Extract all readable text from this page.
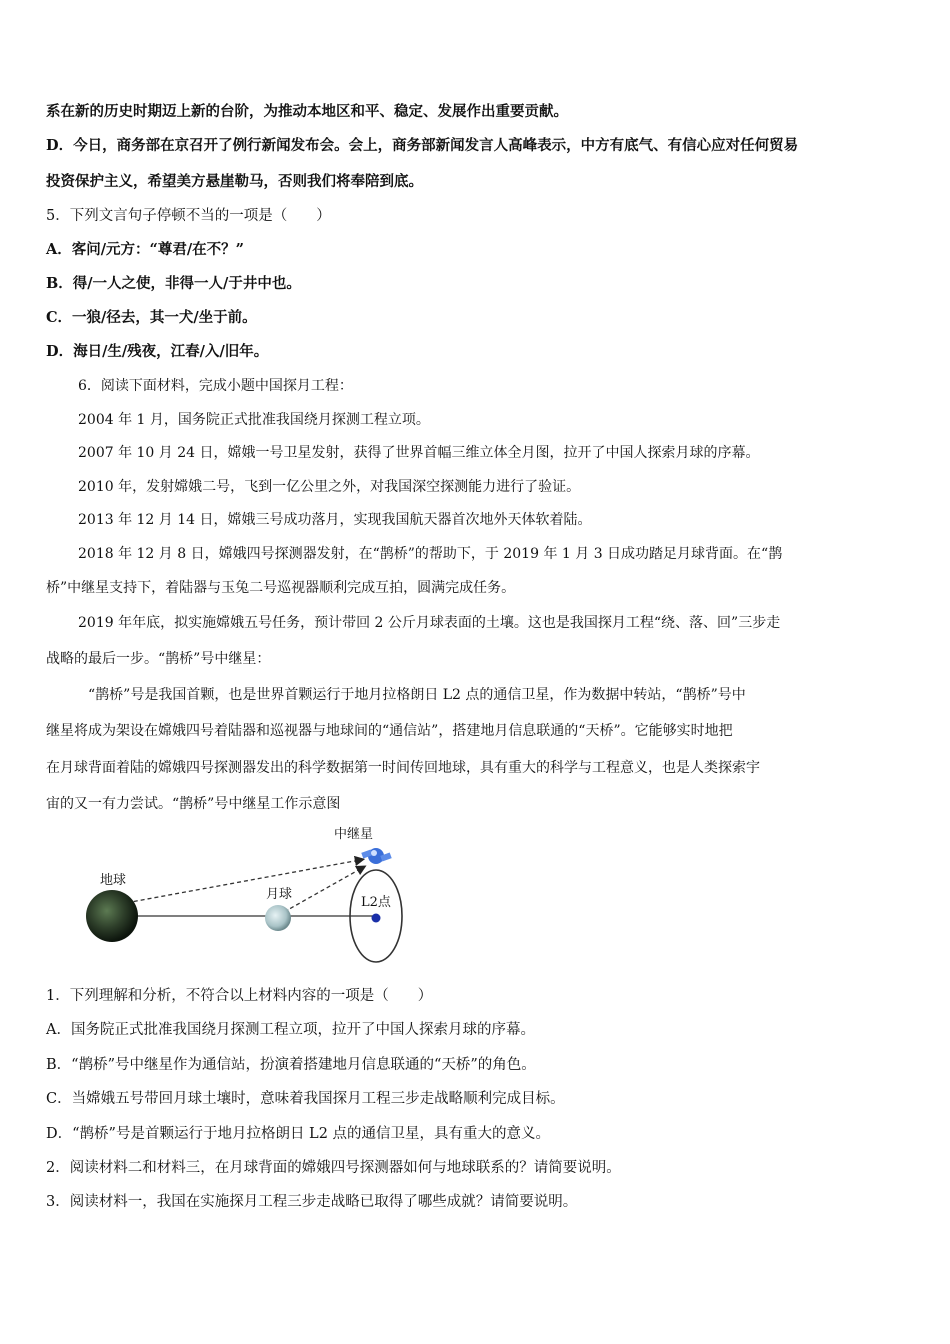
系在新的历史时期迈上新的台阶，为推动本地区和平、稳定、发展作出重要贡献。
D．今日，商务部在京召开了例行新闻发布会。会上，商务部新闻发言人高峰表示，中方有底气、有信心应对任何贸易
投资保护主义，希望美方悬崖勒马，否则我们将奉陪到底。
5．下列文言句子停顿不当的一项是（　　）
A．客问/元方：“尊君/在不？”
B．得/一人之使，非得一人/于井中也。
C．一狼/径去，其一犬/坐于前。
D．海日/生/残夜，江春/入/旧年。
6．阅读下面材料，完成小题中国探月工程：
2004 年 1 月，国务院正式批准我国绕月探测工程立项。
2007 年 10 月 24 日，嫦娥一号卫星发射，获得了世界首幅三维立体全月图，拉开了中国人探索月球的序幕。
2010 年，发射嫦娥二号，飞到一亿公里之外，对我国深空探测能力进行了验证。
2013 年 12 月 14 日，嫦娥三号成功落月，实现我国航天器首次地外天体软着陆。
2018 年 12 月 8 日，嫦娥四号探测器发射，在“鹊桥”的帮助下，于 2019 年 1 月 3 日成功踏足月球背面。在“鹊
桥”中继星支持下，着陆器与玉兔二号巡视器顺利完成互拍，圆满完成任务。
2019 年年底，拟实施嫦娥五号任务，预计带回 2 公斤月球表面的土壤。这也是我国探月工程“绕、落、回”三步走
战略的最后一步。“鹊桥”号中继星：
“鹊桥”号是我国首颗，也是世界首颗运行于地月拉格朗日 L2 点的通信卫星，作为数据中转站，“鹊桥”号中
继星将成为架设在嫦娥四号着陆器和巡视器与地球间的“通信站”，搭建地月信息联通的“天桥”。它能够实时地把
在月球背面着陆的嫦娥四号探测器发出的科学数据第一时间传回地球，具有重大的科学与工程意义，也是人类探索宇
宙的又一有力尝试。“鹊桥”号中继星工作示意图
地球
月球
L2点
中继星
1．下列理解和分析，不符合以上材料内容的一项是（　　）
A．国务院正式批准我国绕月探测工程立项，拉开了中国人探索月球的序幕。
B．“鹊桥”号中继星作为通信站，扮演着搭建地月信息联通的“天桥”的角色。
C．当嫦娥五号带回月球土壤时，意味着我国探月工程三步走战略顺利完成目标。
D．“鹊桥”号是首颗运行于地月拉格朗日 L2 点的通信卫星，具有重大的意义。
2．阅读材料二和材料三，在月球背面的嫦娥四号探测器如何与地球联系的？请简要说明。
3．阅读材料一，我国在实施探月工程三步走战略已取得了哪些成就？请简要说明。
